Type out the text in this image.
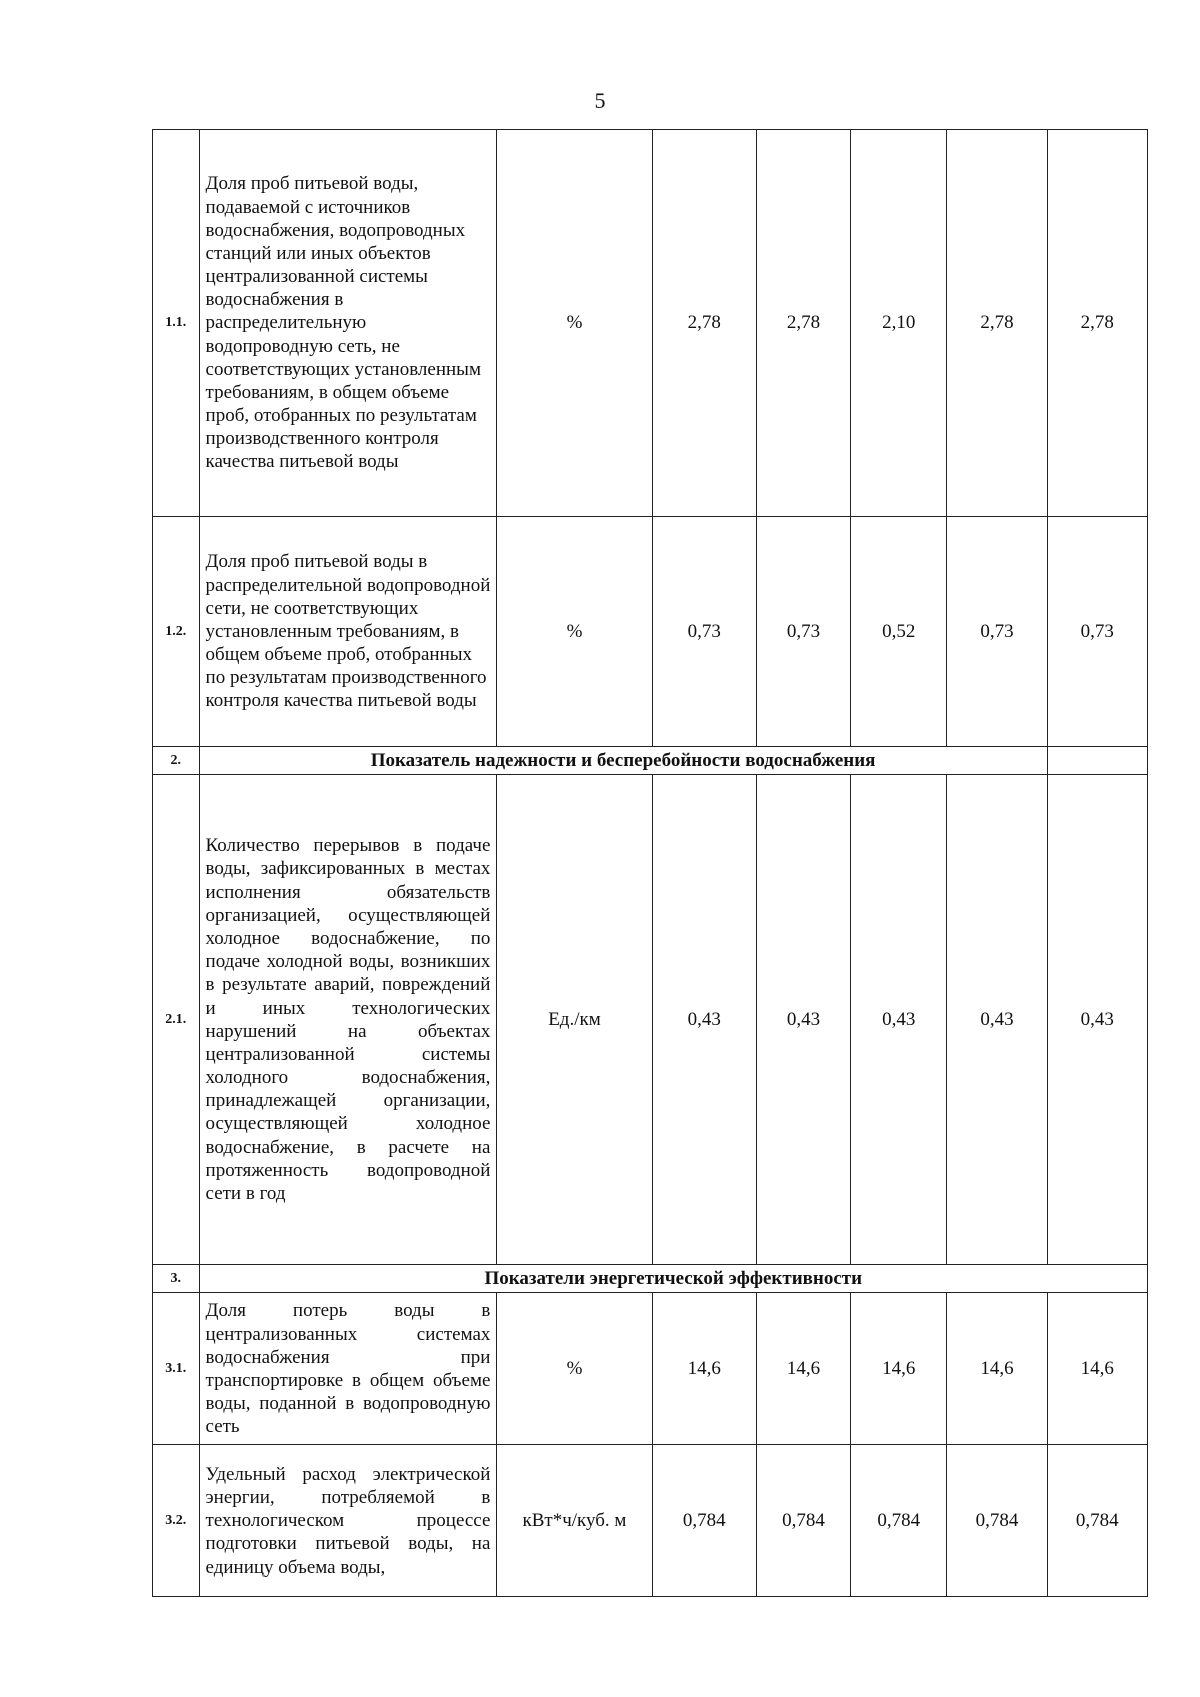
5
1.1.	Доля проб питьевой воды, подаваемой с источников водоснабжения, водопроводных станций или иных объектов централизованной системы водоснабжения в распределительную водопроводную сеть, не соответствующих установленным требованиям, в общем объеме проб, отобранных по результатам производственного контроля качества питьевой воды	%	2,78	2,78	2,10	2,78	2,78
1.2.	Доля проб питьевой воды в распределительной водопроводной сети, не соответствующих установленным требованиям, в общем объеме проб, отобранных по результатам производственного контроля качества питьевой воды	%	0,73	0,73	0,52	0,73	0,73
2.	Показатель надежности и бесперебойности водоснабжения						
2.1.	Количество перерывов в подаче воды, зафиксированных в местах исполнения обязательств организацией, осуществляющей холодное водоснабжение, по подаче холодной воды, возникших в результате аварий, повреждений и иных технологических нарушений на объектах централизованной системы холодного водоснабжения, принадлежащей организации, осуществляющей холодное водоснабжение, в расчете на протяженность водопроводной сети в год	Ед./км	0,43	0,43	0,43	0,43	0,43
3.	Показатели энергетической эффективности						
3.1.	Доля потерь воды в централизованных системах водоснабжения при транспортировке в общем объеме воды, поданной в водопроводную сеть	%	14,6	14,6	14,6	14,6	14,6
3.2.	Удельный расход электрической энергии, потребляемой в технологическом процессе подготовки питьевой воды, на единицу объема воды,	кВт*ч/куб. м	0,784	0,784	0,784	0,784	0,784
